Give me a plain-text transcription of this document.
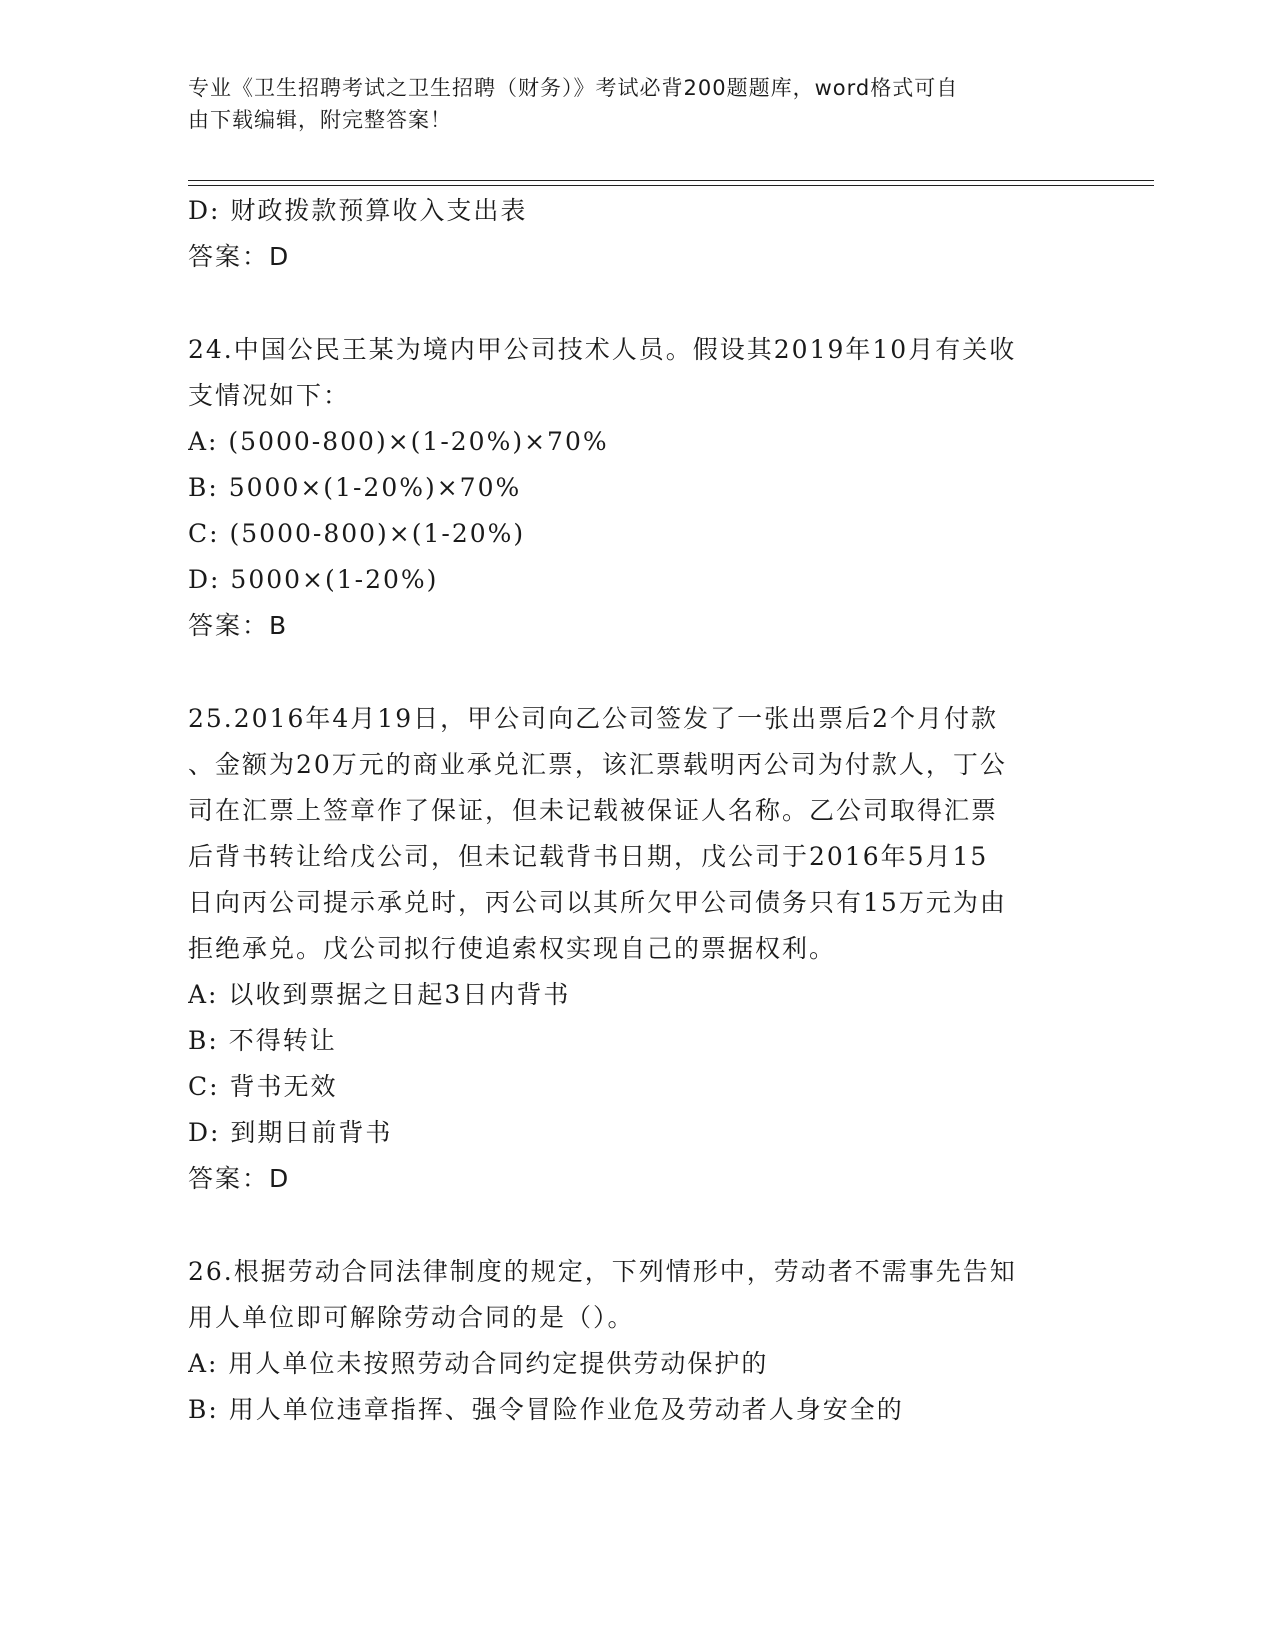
专业《卫生招聘考试之卫生招聘（财务）》考试必背200题题库，word格式可自
由下载编辑，附完整答案！
D: 财政拨款预算收入支出表
答案：D
24.中国公民王某为境内甲公司技术人员。假设其2019年10月有关收
支情况如下：
A: (5000-800)×(1-20%)×70%
B: 5000×(1-20%)×70%
C: (5000-800)×(1-20%)
D: 5000×(1-20%)
答案：B
25.2016年4月19日，甲公司向乙公司签发了一张出票后2个月付款
、金额为20万元的商业承兑汇票，该汇票载明丙公司为付款人，丁公
司在汇票上签章作了保证，但未记载被保证人名称。乙公司取得汇票
后背书转让给戊公司，但未记载背书日期，戊公司于2016年5月15
日向丙公司提示承兑时，丙公司以其所欠甲公司债务只有15万元为由
拒绝承兑。戊公司拟行使追索权实现自己的票据权利。
A: 以收到票据之日起3日内背书
B: 不得转让
C: 背书无效
D: 到期日前背书
答案：D
26.根据劳动合同法律制度的规定，下列情形中，劳动者不需事先告知
用人单位即可解除劳动合同的是（）。
A: 用人单位未按照劳动合同约定提供劳动保护的
B: 用人单位违章指挥、强令冒险作业危及劳动者人身安全的
